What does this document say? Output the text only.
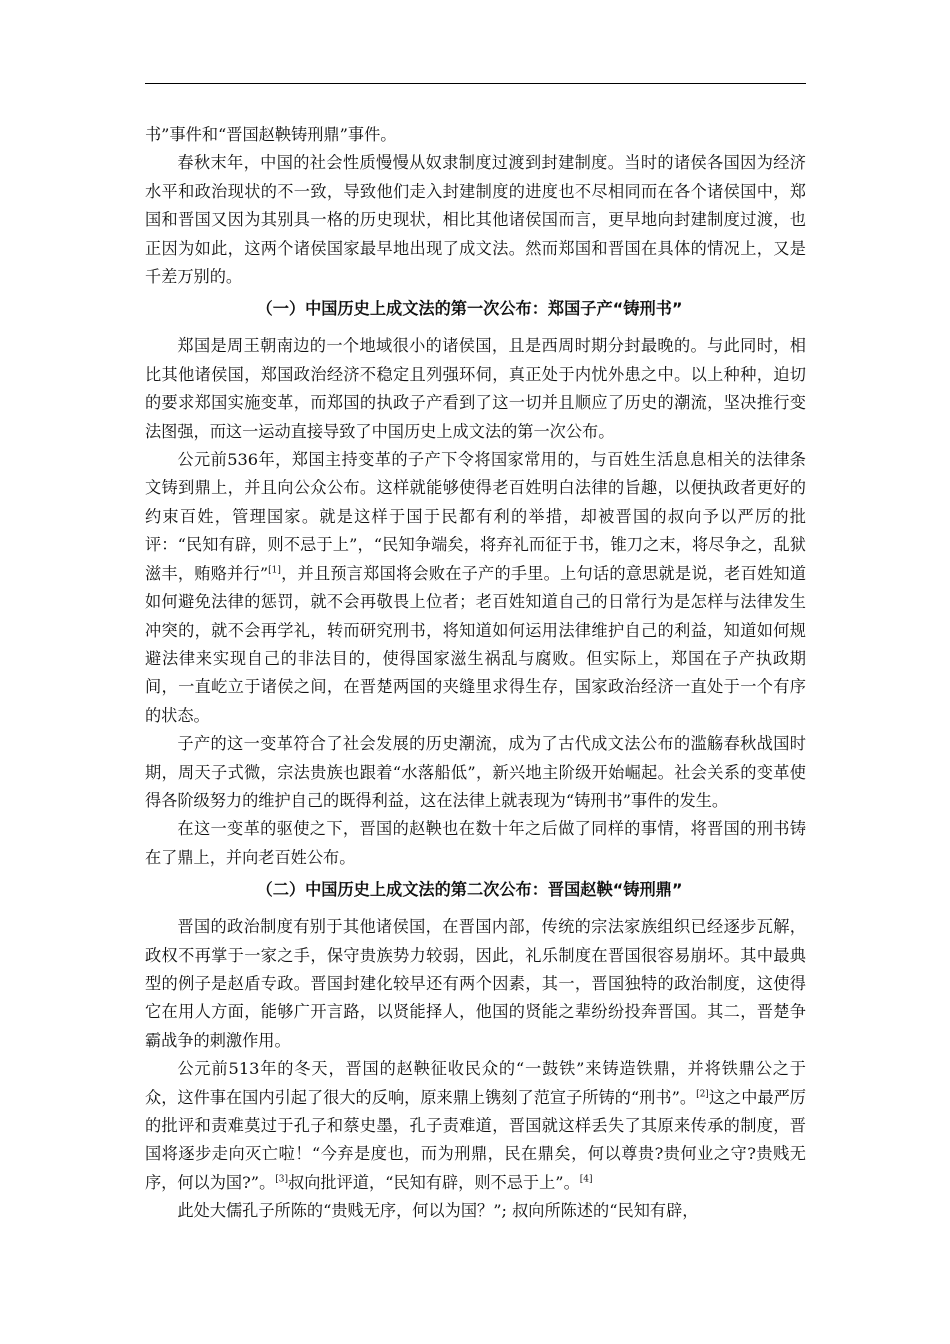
书”事件和“晋国赵鞅铸刑鼎”事件。

春秋末年，中国的社会性质慢慢从奴隶制度过渡到封建制度。当时的诸侯各国因为经济水平和政治现状的不一致，导致他们走入封建制度的进度也不尽相同而在各个诸侯国中，郑国和晋国又因为其别具一格的历史现状，相比其他诸侯国而言，更早地向封建制度过渡，也正因为如此，这两个诸侯国家最早地出现了成文法。然而郑国和晋国在具体的情况上，又是千差万别的。

（一）中国历史上成文法的第一次公布：郑国子产“铸刑书”

郑国是周王朝南边的一个地域很小的诸侯国，且是西周时期分封最晚的。与此同时，相比其他诸侯国，郑国政治经济不稳定且列强环伺，真正处于内忧外患之中。以上种种，迫切的要求郑国实施变革，而郑国的执政子产看到了这一切并且顺应了历史的潮流，坚决推行变法图强，而这一运动直接导致了中国历史上成文法的第一次公布。

公元前536年，郑国主持变革的子产下令将国家常用的，与百姓生活息息相关的法律条文铸到鼎上，并且向公众公布。这样就能够使得老百姓明白法律的旨趣，以便执政者更好的约束百姓，管理国家。就是这样于国于民都有利的举措，却被晋国的叔向予以严厉的批评：“民知有辟，则不忌于上”，“民知争端矣，将弃礼而征于书，锥刀之末，将尽争之，乱狱滋丰，贿赂并行”[1]，并且预言郑国将会败在子产的手里。上句话的意思就是说，老百姓知道如何避免法律的惩罚，就不会再敬畏上位者；老百姓知道自己的日常行为是怎样与法律发生冲突的，就不会再学礼，转而研究刑书，将知道如何运用法律维护自己的利益，知道如何规避法律来实现自己的非法目的，使得国家滋生祸乱与腐败。但实际上，郑国在子产执政期间，一直屹立于诸侯之间，在晋楚两国的夹缝里求得生存，国家政治经济一直处于一个有序的状态。

子产的这一变革符合了社会发展的历史潮流，成为了古代成文法公布的滥觞春秋战国时期，周天子式微，宗法贵族也跟着“水落船低”，新兴地主阶级开始崛起。社会关系的变革使得各阶级努力的维护自己的既得利益，这在法律上就表现为“铸刑书”事件的发生。

在这一变革的驱使之下，晋国的赵鞅也在数十年之后做了同样的事情，将晋国的刑书铸在了鼎上，并向老百姓公布。

（二）中国历史上成文法的第二次公布：晋国赵鞅“铸刑鼎”

晋国的政治制度有别于其他诸侯国，在晋国内部，传统的宗法家族组织已经逐步瓦解，政权不再掌于一家之手，保守贵族势力较弱，因此，礼乐制度在晋国很容易崩坏。其中最典型的例子是赵盾专政。晋国封建化较早还有两个因素，其一，晋国独特的政治制度，这使得它在用人方面，能够广开言路，以贤能择人，他国的贤能之辈纷纷投奔晋国。其二，晋楚争霸战争的刺激作用。

公元前513年的冬天，晋国的赵鞅征收民众的“一鼓铁”来铸造铁鼎，并将铁鼎公之于众，这件事在国内引起了很大的反响，原来鼎上镌刻了范宣子所铸的“刑书”。[2]这之中最严厉的批评和责难莫过于孔子和蔡史墨，孔子责难道，晋国就这样丢失了其原来传承的制度，晋国将逐步走向灭亡啦！“今弃是度也，而为刑鼎，民在鼎矣，何以尊贵?贵何业之守?贵贱无序，何以为国?”。[3]叔向批评道，“民知有辟，则不忌于上”。[4]

此处大儒孔子所陈的“贵贱无序，何以为国？”; 叔向所陈述的“民知有辟，
